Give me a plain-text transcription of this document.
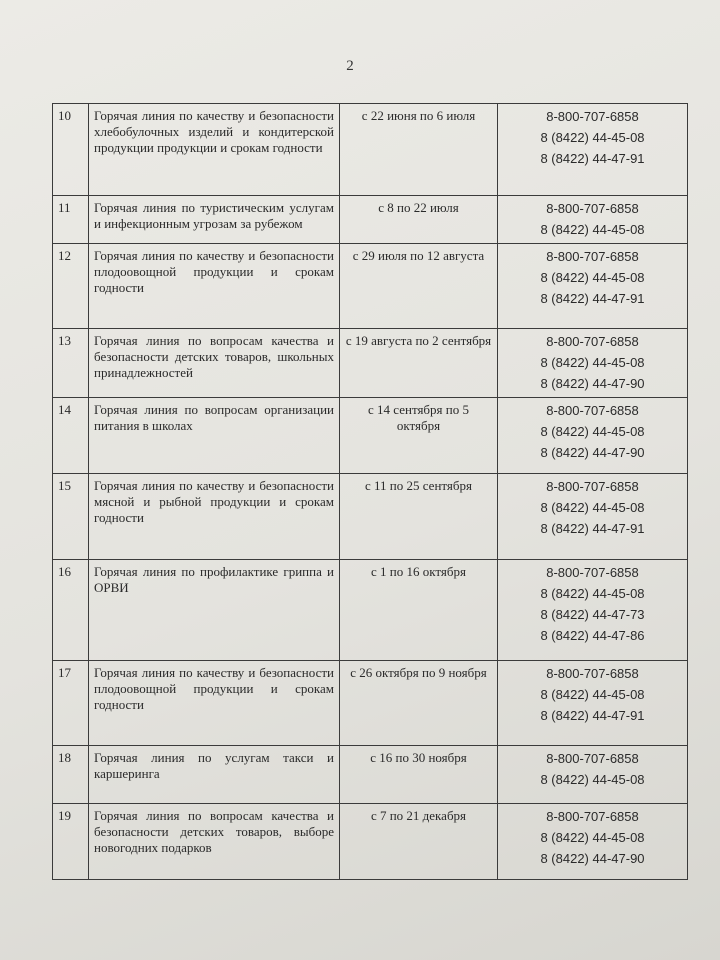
2
10	Горячая линия по качеству и безопасности хлебобулочных изделий и кондитерской продукции продукции и срокам годности	с 22 июня по 6 июля	8-800-707-6858
8 (8422) 44-45-08
8 (8422) 44-47-91

11	Горячая линия по туристическим услугам и инфекционным угрозам за рубежом	с 8 по 22 июля	8-800-707-6858
8 (8422) 44-45-08

12	Горячая линия по качеству и безопасности плодоовощной продукции и срокам годности	с 29 июля по 12 августа	8-800-707-6858
8 (8422) 44-45-08
8 (8422) 44-47-91

13	Горячая линия по вопросам качества и безопасности детских товаров, школьных принадлежностей	с 19 августа по 2 сентября	8-800-707-6858
8 (8422) 44-45-08
8 (8422) 44-47-90

14	Горячая линия по вопросам организации питания в школах	с 14 сентября по 5 октября	8-800-707-6858
8 (8422) 44-45-08
8 (8422) 44-47-90

15	Горячая линия по качеству и безопасности мясной и рыбной продукции и срокам годности	с 11 по 25 сентября	8-800-707-6858
8 (8422) 44-45-08
8 (8422) 44-47-91

16	Горячая линия по профилактике гриппа и ОРВИ	с 1 по 16 октября	8-800-707-6858
8 (8422) 44-45-08
8 (8422) 44-47-73
8 (8422) 44-47-86

17	Горячая линия по качеству и безопасности плодоовощной продукции и срокам годности	с 26 октября по 9 ноября	8-800-707-6858
8 (8422) 44-45-08
8 (8422) 44-47-91

18	Горячая линия по услугам такси и каршеринга	с 16 по 30 ноября	8-800-707-6858
8 (8422) 44-45-08

19	Горячая линия по вопросам качества и безопасности детских товаров, выборе новогодних подарков	с 7 по 21 декабря	8-800-707-6858
8 (8422) 44-45-08
8 (8422) 44-47-90
